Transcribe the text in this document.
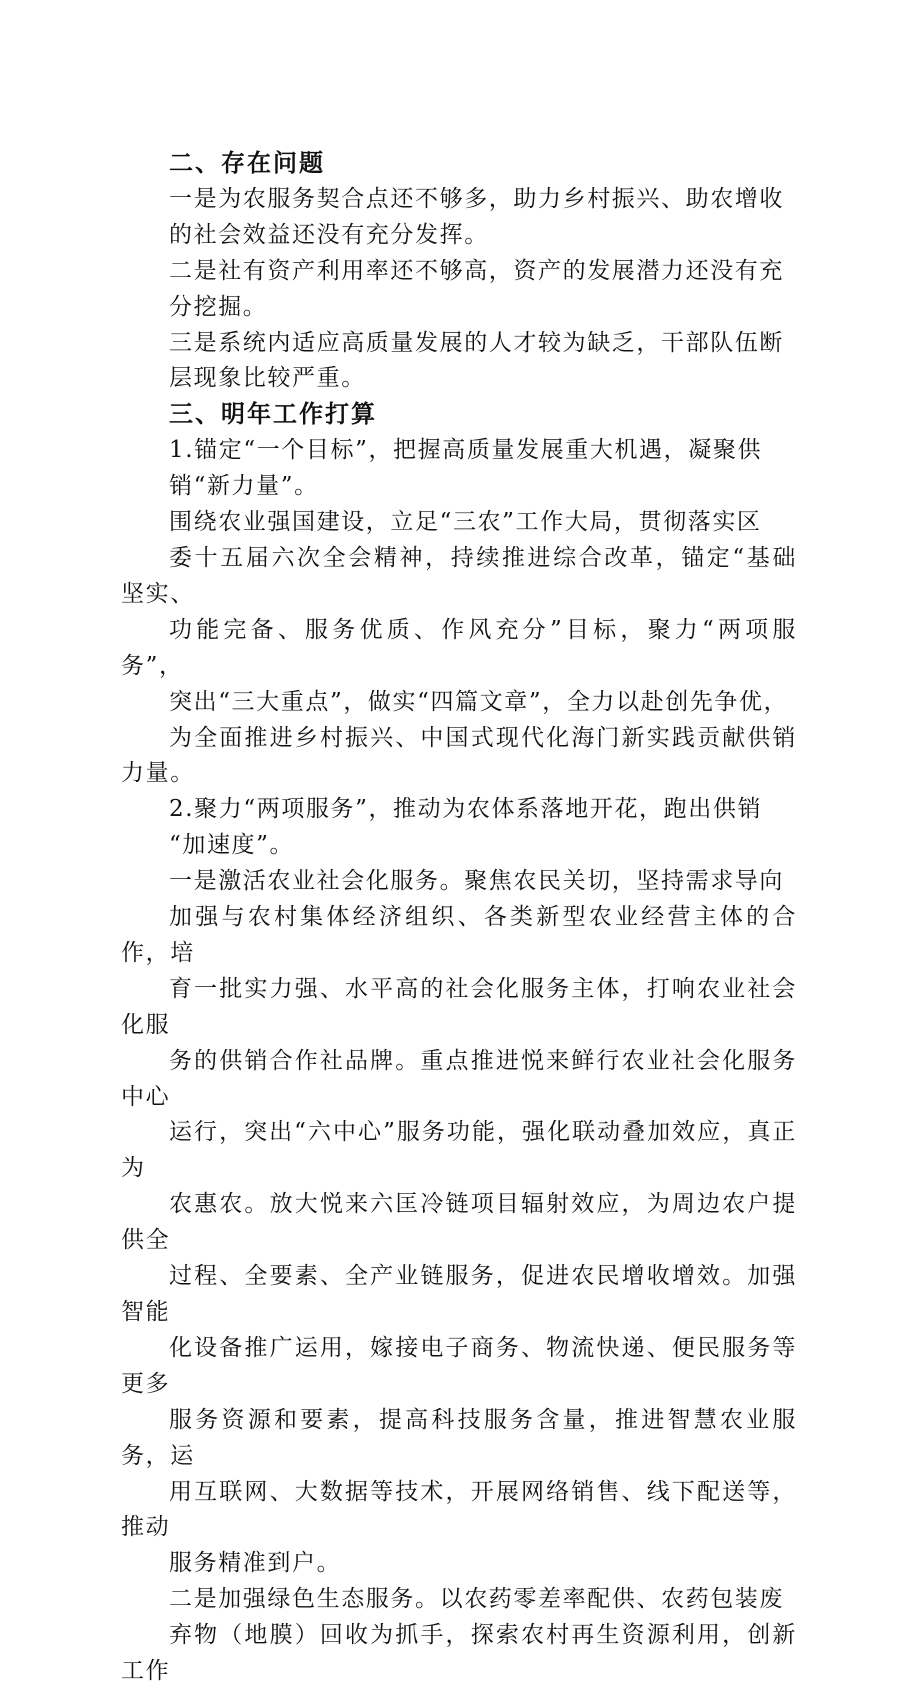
二、存在问题

一是为农服务契合点还不够多，助力乡村振兴、助农增收
的社会效益还没有充分发挥。

二是社有资产利用率还不够高，资产的发展潜力还没有充
分挖掘。

三是系统内适应高质量发展的人才较为缺乏，干部队伍断
层现象比较严重。

三、明年工作打算

1.锚定“一个目标”，把握高质量发展重大机遇，凝聚供
销“新力量”。

围绕农业强国建设，立足“三农”工作大局，贯彻落实区
委十五届六次全会精神，持续推进综合改革，锚定“基础坚实、
功能完备、服务优质、作风充分”目标，聚力“两项服务”，
突出“三大重点”，做实“四篇文章”，全力以赴创先争优，
为全面推进乡村振兴、中国式现代化海门新实践贡献供销力量。

2.聚力“两项服务”，推动为农体系落地开花，跑出供销
“加速度”。

一是激活农业社会化服务。聚焦农民关切，坚持需求导向
加强与农村集体经济组织、各类新型农业经营主体的合作，培
育一批实力强、水平高的社会化服务主体，打响农业社会化服
务的供销合作社品牌。重点推进悦来鲜行农业社会化服务中心
运行，突出“六中心”服务功能，强化联动叠加效应，真正为
农惠农。放大悦来六匡冷链项目辐射效应，为周边农户提供全
过程、全要素、全产业链服务，促进农民增收增效。加强智能
化设备推广运用，嫁接电子商务、物流快递、便民服务等更多
服务资源和要素，提高科技服务含量，推进智慧农业服务，运
用互联网、大数据等技术，开展网络销售、线下配送等，推动
服务精准到户。

二是加强绿色生态服务。以农药零差率配供、农药包装废
弃物（地膜）回收为抓手，探索农村再生资源利用，创新工作
